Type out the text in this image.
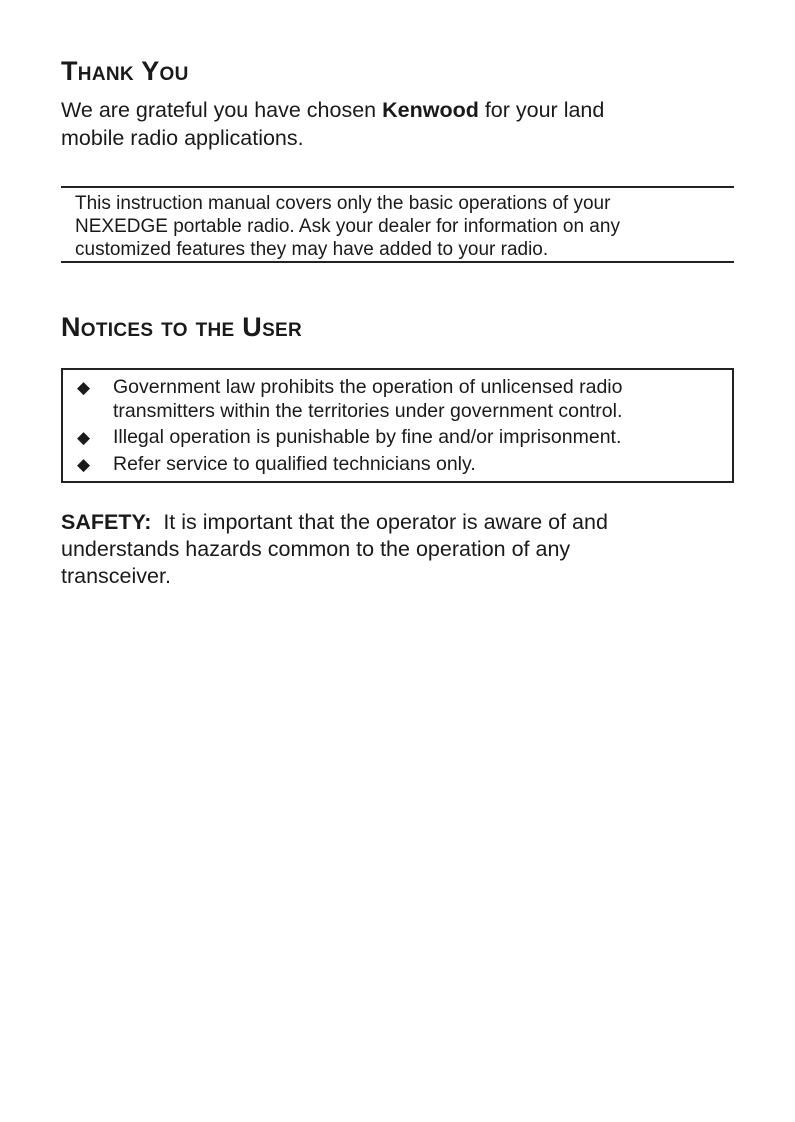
Thank You

We are grateful you have chosen Kenwood for your land
mobile radio applications.

This instruction manual covers only the basic operations of your
NEXEDGE portable radio. Ask your dealer for information on any
customized features they may have added to your radio.
Notices to the User
◆ Government law prohibits the operation of unlicensed radio
transmitters within the territories under government control.
◆ Illegal operation is punishable by fine and/or imprisonment.
◆ Refer service to qualified technicians only.

SAFETY:  It is important that the operator is aware of and
understands hazards common to the operation of any
transceiver.
